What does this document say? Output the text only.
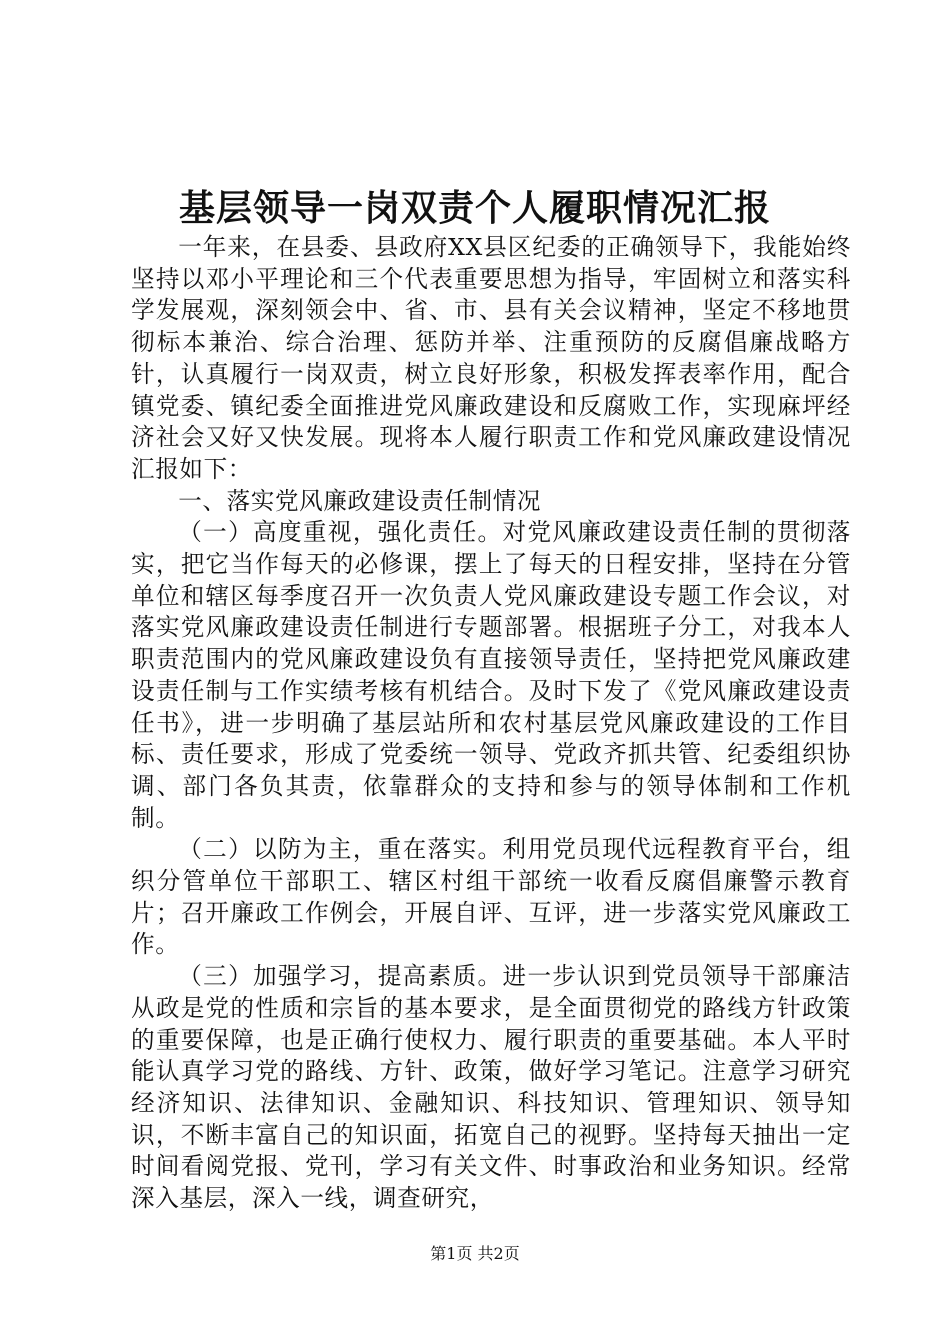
基层领导一岗双责个人履职情况汇报

一年来，在县委、县政府XX县区纪委的正确领导下，我能始终坚持以邓小平理论和三个代表重要思想为指导，牢固树立和落实科学发展观，深刻领会中、省、市、县有关会议精神，坚定不移地贯彻标本兼治、综合治理、惩防并举、注重预防的反腐倡廉战略方针，认真履行一岗双责，树立良好形象，积极发挥表率作用，配合镇党委、镇纪委全面推进党风廉政建设和反腐败工作，实现麻坪经济社会又好又快发展。现将本人履行职责工作和党风廉政建设情况汇报如下：

一、落实党风廉政建设责任制情况

（一）高度重视，强化责任。对党风廉政建设责任制的贯彻落实，把它当作每天的必修课，摆上了每天的日程安排，坚持在分管单位和辖区每季度召开一次负责人党风廉政建设专题工作会议，对落实党风廉政建设责任制进行专题部署。根据班子分工，对我本人职责范围内的党风廉政建设负有直接领导责任，坚持把党风廉政建设责任制与工作实绩考核有机结合。及时下发了《党风廉政建设责任书》，进一步明确了基层站所和农村基层党风廉政建设的工作目标、责任要求，形成了党委统一领导、党政齐抓共管、纪委组织协调、部门各负其责，依靠群众的支持和参与的领导体制和工作机制。

（二）以防为主，重在落实。利用党员现代远程教育平台，组织分管单位干部职工、辖区村组干部统一收看反腐倡廉警示教育片；召开廉政工作例会，开展自评、互评，进一步落实党风廉政工作。

（三）加强学习，提高素质。进一步认识到党员领导干部廉洁从政是党的性质和宗旨的基本要求，是全面贯彻党的路线方针政策的重要保障，也是正确行使权力、履行职责的重要基础。本人平时能认真学习党的路线、方针、政策，做好学习笔记。注意学习研究经济知识、法律知识、金融知识、科技知识、管理知识、领导知识，不断丰富自己的知识面，拓宽自己的视野。坚持每天抽出一定时间看阅党报、党刊，学习有关文件、时事政治和业务知识。经常深入基层，深入一线，调查研究，

第1页 共2页
